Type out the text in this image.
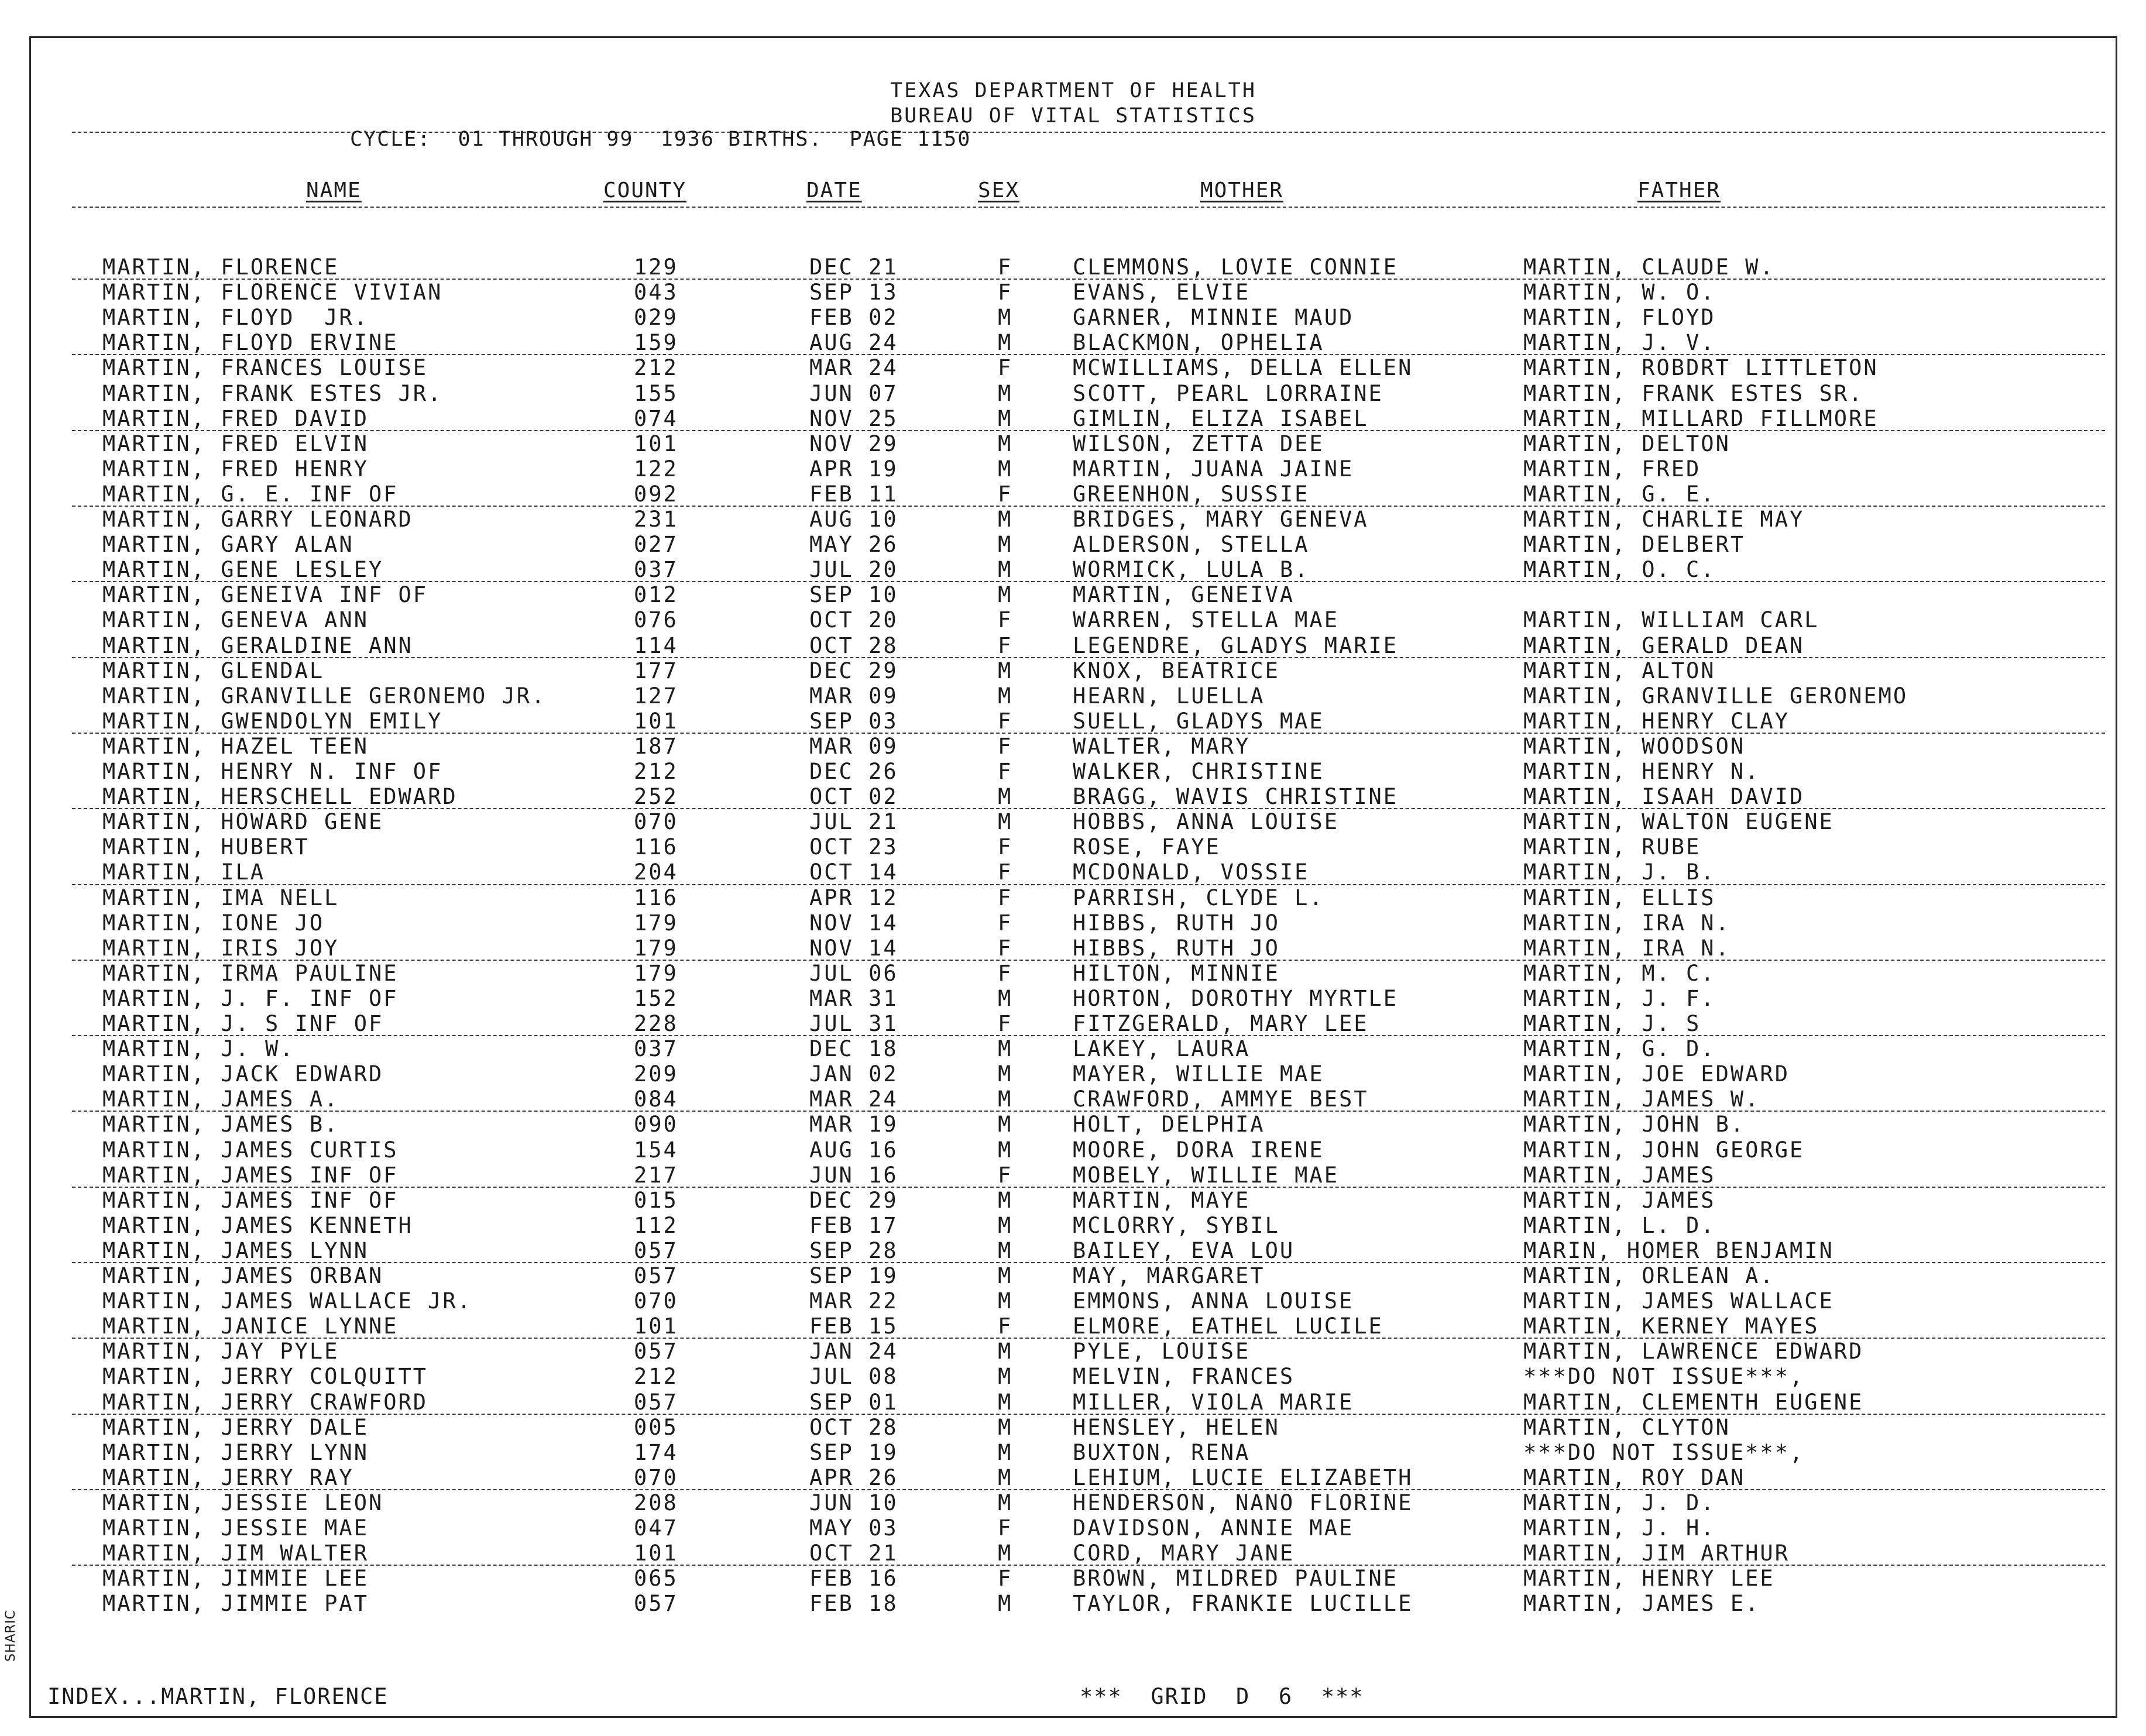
TEXAS DEPARTMENT OF HEALTH
BUREAU OF VITAL STATISTICS
CYCLE:  01 THROUGH 99  1936 BIRTHS.  PAGE 1150
NAME	COUNTY	DATE	SEX	MOTHER	FATHER
MARTIN, FLORENCE	129	DEC 21	F	CLEMMONS, LOVIE CONNIE	MARTIN, CLAUDE W.
MARTIN, FLORENCE VIVIAN	043	SEP 13	F	EVANS, ELVIE	MARTIN, W. O.
MARTIN, FLOYD  JR.	029	FEB 02	M	GARNER, MINNIE MAUD	MARTIN, FLOYD
MARTIN, FLOYD ERVINE	159	AUG 24	M	BLACKMON, OPHELIA	MARTIN, J. V.
MARTIN, FRANCES LOUISE	212	MAR 24	F	MCWILLIAMS, DELLA ELLEN	MARTIN, ROBDRT LITTLETON
MARTIN, FRANK ESTES JR.	155	JUN 07	M	SCOTT, PEARL LORRAINE	MARTIN, FRANK ESTES SR.
MARTIN, FRED DAVID	074	NOV 25	M	GIMLIN, ELIZA ISABEL	MARTIN, MILLARD FILLMORE
MARTIN, FRED ELVIN	101	NOV 29	M	WILSON, ZETTA DEE	MARTIN, DELTON
MARTIN, FRED HENRY	122	APR 19	M	MARTIN, JUANA JAINE	MARTIN, FRED
MARTIN, G. E. INF OF	092	FEB 11	F	GREENHON, SUSSIE	MARTIN, G. E.
MARTIN, GARRY LEONARD	231	AUG 10	M	BRIDGES, MARY GENEVA	MARTIN, CHARLIE MAY
MARTIN, GARY ALAN	027	MAY 26	M	ALDERSON, STELLA	MARTIN, DELBERT
MARTIN, GENE LESLEY	037	JUL 20	M	WORMICK, LULA B.	MARTIN, O. C.
MARTIN, GENEIVA INF OF	012	SEP 10	M	MARTIN, GENEIVA
MARTIN, GENEVA ANN	076	OCT 20	F	WARREN, STELLA MAE	MARTIN, WILLIAM CARL
MARTIN, GERALDINE ANN	114	OCT 28	F	LEGENDRE, GLADYS MARIE	MARTIN, GERALD DEAN
MARTIN, GLENDAL	177	DEC 29	M	KNOX, BEATRICE	MARTIN, ALTON
MARTIN, GRANVILLE GERONEMO JR.	127	MAR 09	M	HEARN, LUELLA	MARTIN, GRANVILLE GERONEMO
MARTIN, GWENDOLYN EMILY	101	SEP 03	F	SUELL, GLADYS MAE	MARTIN, HENRY CLAY
MARTIN, HAZEL TEEN	187	MAR 09	F	WALTER, MARY	MARTIN, WOODSON
MARTIN, HENRY N. INF OF	212	DEC 26	F	WALKER, CHRISTINE	MARTIN, HENRY N.
MARTIN, HERSCHELL EDWARD	252	OCT 02	M	BRAGG, WAVIS CHRISTINE	MARTIN, ISAAH DAVID
MARTIN, HOWARD GENE	070	JUL 21	M	HOBBS, ANNA LOUISE	MARTIN, WALTON EUGENE
MARTIN, HUBERT	116	OCT 23	F	ROSE, FAYE	MARTIN, RUBE
MARTIN, ILA	204	OCT 14	F	MCDONALD, VOSSIE	MARTIN, J. B.
MARTIN, IMA NELL	116	APR 12	F	PARRISH, CLYDE L.	MARTIN, ELLIS
MARTIN, IONE JO	179	NOV 14	F	HIBBS, RUTH JO	MARTIN, IRA N.
MARTIN, IRIS JOY	179	NOV 14	F	HIBBS, RUTH JO	MARTIN, IRA N.
MARTIN, IRMA PAULINE	179	JUL 06	F	HILTON, MINNIE	MARTIN, M. C.
MARTIN, J. F. INF OF	152	MAR 31	M	HORTON, DOROTHY MYRTLE	MARTIN, J. F.
MARTIN, J. S INF OF	228	JUL 31	F	FITZGERALD, MARY LEE	MARTIN, J. S
MARTIN, J. W.	037	DEC 18	M	LAKEY, LAURA	MARTIN, G. D.
MARTIN, JACK EDWARD	209	JAN 02	M	MAYER, WILLIE MAE	MARTIN, JOE EDWARD
MARTIN, JAMES A.	084	MAR 24	M	CRAWFORD, AMMYE BEST	MARTIN, JAMES W.
MARTIN, JAMES B.	090	MAR 19	M	HOLT, DELPHIA	MARTIN, JOHN B.
MARTIN, JAMES CURTIS	154	AUG 16	M	MOORE, DORA IRENE	MARTIN, JOHN GEORGE
MARTIN, JAMES INF OF	217	JUN 16	F	MOBELY, WILLIE MAE	MARTIN, JAMES
MARTIN, JAMES INF OF	015	DEC 29	M	MARTIN, MAYE	MARTIN, JAMES
MARTIN, JAMES KENNETH	112	FEB 17	M	MCLORRY, SYBIL	MARTIN, L. D.
MARTIN, JAMES LYNN	057	SEP 28	M	BAILEY, EVA LOU	MARIN, HOMER BENJAMIN
MARTIN, JAMES ORBAN	057	SEP 19	M	MAY, MARGARET	MARTIN, ORLEAN A.
MARTIN, JAMES WALLACE JR.	070	MAR 22	M	EMMONS, ANNA LOUISE	MARTIN, JAMES WALLACE
MARTIN, JANICE LYNNE	101	FEB 15	F	ELMORE, EATHEL LUCILE	MARTIN, KERNEY MAYES
MARTIN, JAY PYLE	057	JAN 24	M	PYLE, LOUISE	MARTIN, LAWRENCE EDWARD
MARTIN, JERRY COLQUITT	212	JUL 08	M	MELVIN, FRANCES	***DO NOT ISSUE***,
MARTIN, JERRY CRAWFORD	057	SEP 01	M	MILLER, VIOLA MARIE	MARTIN, CLEMENTH EUGENE
MARTIN, JERRY DALE	005	OCT 28	M	HENSLEY, HELEN	MARTIN, CLYTON
MARTIN, JERRY LYNN	174	SEP 19	M	BUXTON, RENA	***DO NOT ISSUE***,
MARTIN, JERRY RAY	070	APR 26	M	LEHIUM, LUCIE ELIZABETH	MARTIN, ROY DAN
MARTIN, JESSIE LEON	208	JUN 10	M	HENDERSON, NANO FLORINE	MARTIN, J. D.
MARTIN, JESSIE MAE	047	MAY 03	F	DAVIDSON, ANNIE MAE	MARTIN, J. H.
MARTIN, JIM WALTER	101	OCT 21	M	CORD, MARY JANE	MARTIN, JIM ARTHUR
MARTIN, JIMMIE LEE	065	FEB 16	F	BROWN, MILDRED PAULINE	MARTIN, HENRY LEE
MARTIN, JIMMIE PAT	057	FEB 18	M	TAYLOR, FRANKIE LUCILLE	MARTIN, JAMES E.
INDEX...MARTIN, FLORENCE	***  GRID  D  6  ***
SHARIC
